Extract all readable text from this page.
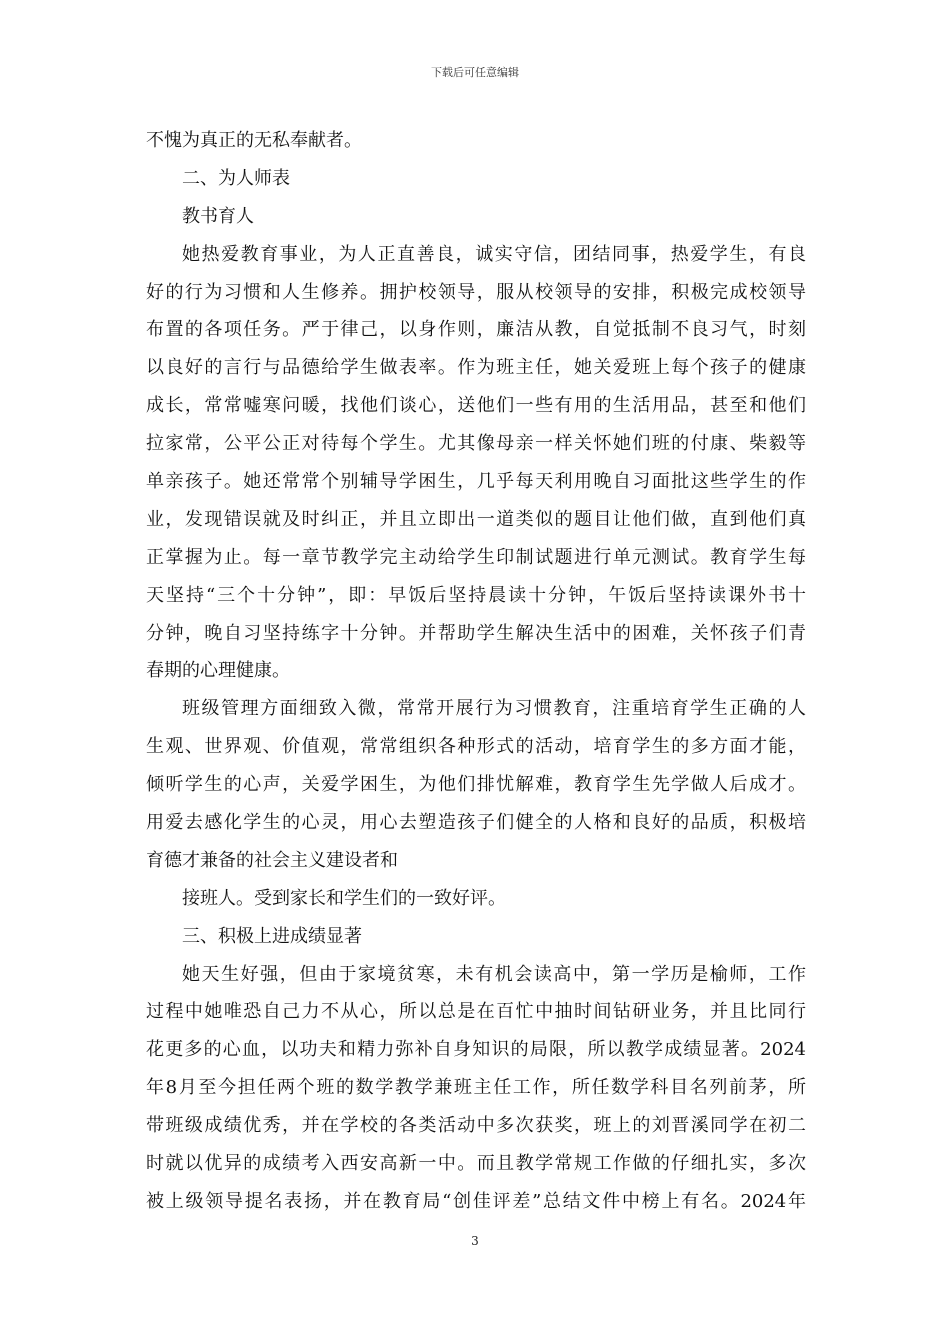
下载后可任意编辑
不愧为真正的无私奉献者。
二、为人师表
教书育人
她热爱教育事业，为人正直善良，诚实守信，团结同事，热爱学生，有良
好的行为习惯和人生修养。拥护校领导，服从校领导的安排，积极完成校领导
布置的各项任务。严于律己，以身作则，廉洁从教，自觉抵制不良习气，时刻
以良好的言行与品德给学生做表率。作为班主任，她关爱班上每个孩子的健康
成长，常常嘘寒问暖，找他们谈心，送他们一些有用的生活用品，甚至和他们
拉家常，公平公正对待每个学生。尤其像母亲一样关怀她们班的付康、柴毅等
单亲孩子。她还常常个别辅导学困生，几乎每天利用晚自习面批这些学生的作
业，发现错误就及时纠正，并且立即出一道类似的题目让他们做，直到他们真
正掌握为止。每一章节教学完主动给学生印制试题进行单元测试。教育学生每
天坚持“三个十分钟”，即：早饭后坚持晨读十分钟，午饭后坚持读课外书十
分钟，晚自习坚持练字十分钟。并帮助学生解决生活中的困难，关怀孩子们青
春期的心理健康。
班级管理方面细致入微，常常开展行为习惯教育，注重培育学生正确的人
生观、世界观、价值观，常常组织各种形式的活动，培育学生的多方面才能，
倾听学生的心声，关爱学困生，为他们排忧解难，教育学生先学做人后成才。
用爱去感化学生的心灵，用心去塑造孩子们健全的人格和良好的品质，积极培
育德才兼备的社会主义建设者和
接班人。受到家长和学生们的一致好评。
三、积极上进成绩显著
她天生好强，但由于家境贫寒，未有机会读高中，第一学历是榆师，工作
过程中她唯恐自己力不从心，所以总是在百忙中抽时间钻研业务，并且比同行
花更多的心血，以功夫和精力弥补自身知识的局限，所以教学成绩显著。2024
年8月至今担任两个班的数学教学兼班主任工作，所任数学科目名列前茅，所
带班级成绩优秀，并在学校的各类活动中多次获奖，班上的刘晋溪同学在初二
时就以优异的成绩考入西安高新一中。而且教学常规工作做的仔细扎实，多次
被上级领导提名表扬，并在教育局“创佳评差”总结文件中榜上有名。2024年
3
